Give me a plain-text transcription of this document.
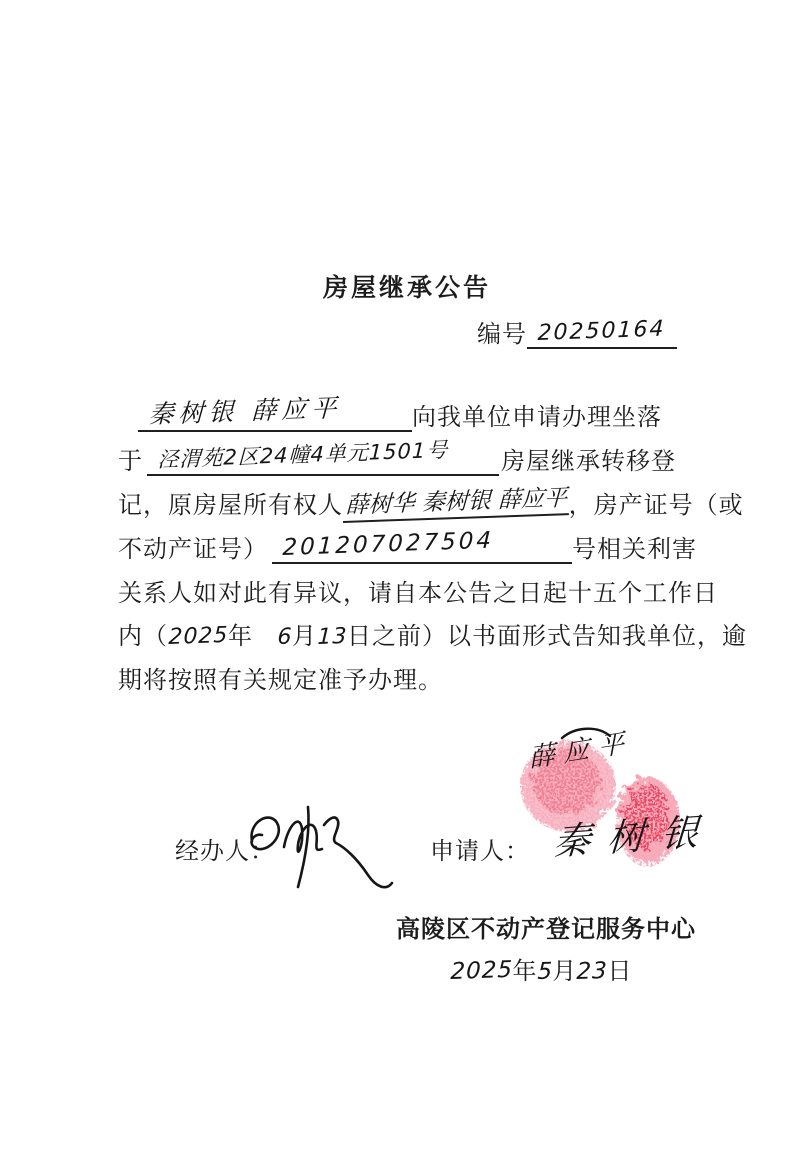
房屋继承公告
编号 20250164
秦树银 薛应平	向我单位申请办理坐落
于 泾渭苑2区24幢4单元1501号 房屋继承转移登
记，原房屋所有权人薛树华 秦树银 薛应平，房产证号（或
不动产证号） 201207027504	号相关利害
关系人如对此有异议，请自本公告之日起十五个工作日
内（2025年 6月13日之前）以书面形式告知我单位，逾
期将按照有关规定准予办理。
经办人：	申请人：
薛应平
秦树银
高陵区不动产登记服务中心
2025年5月23日
